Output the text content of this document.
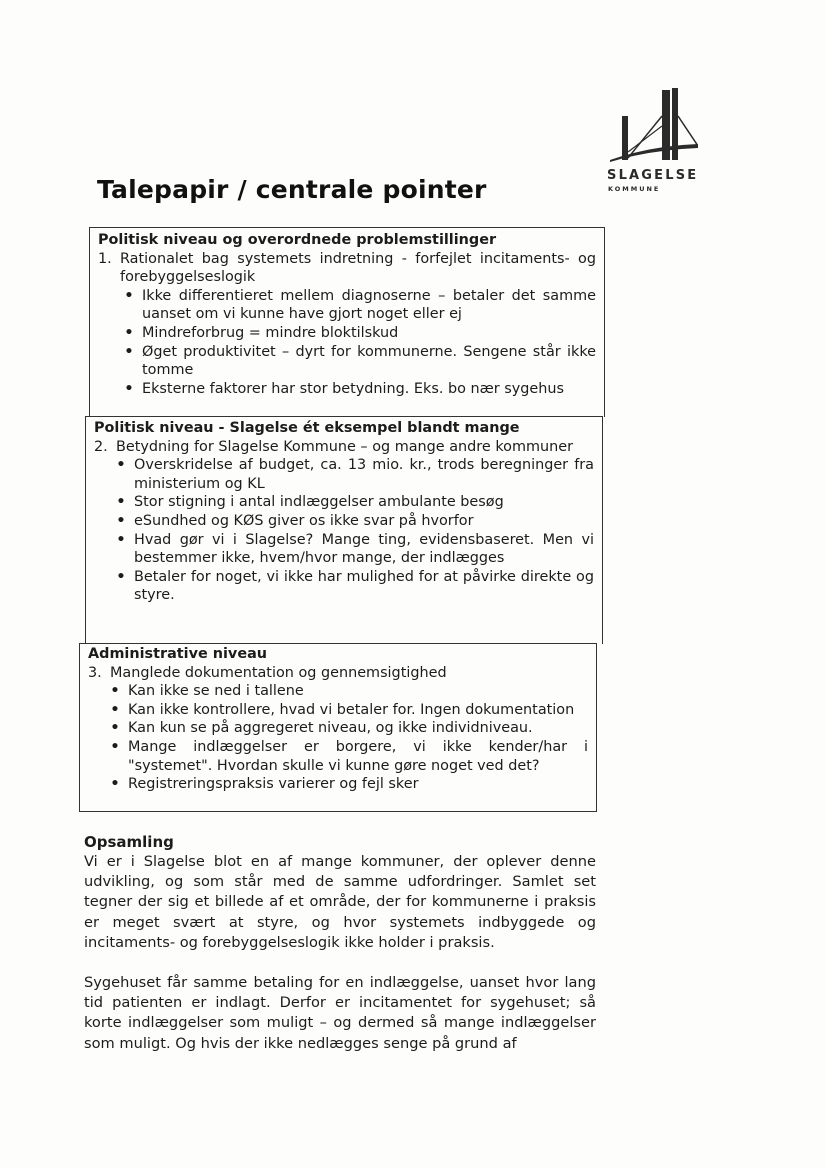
SLAGELSE
KOMMUNE
Talepapir / centrale pointer
Politisk niveau og overordnede problemstillinger
1. Rationalet bag systemets indretning - forfejlet incitaments- og forebyggelseslogik
• Ikke differentieret mellem diagnoserne – betaler det samme uanset om vi kunne have gjort noget eller ej
• Mindreforbrug = mindre bloktilskud
• Øget produktivitet – dyrt for kommunerne. Sengene står ikke tomme
• Eksterne faktorer har stor betydning. Eks. bo nær sygehus
Politisk niveau - Slagelse ét eksempel blandt mange
2. Betydning for Slagelse Kommune – og mange andre kommuner
• Overskridelse af budget, ca. 13 mio. kr., trods beregninger fra ministerium og KL
• Stor stigning i antal indlæggelser ambulante besøg
• eSundhed og KØS giver os ikke svar på hvorfor
• Hvad gør vi i Slagelse? Mange ting, evidensbaseret. Men vi bestemmer ikke, hvem/hvor mange, der indlægges
• Betaler for noget, vi ikke har mulighed for at påvirke direkte og styre.
Administrative niveau
3. Manglede dokumentation og gennemsigtighed
• Kan ikke se ned i tallene
• Kan ikke kontrollere, hvad vi betaler for. Ingen dokumentation
• Kan kun se på aggregeret niveau, og ikke individniveau.
• Mange indlæggelser er borgere, vi ikke kender/har i "systemet". Hvordan skulle vi kunne gøre noget ved det?
• Registreringspraksis varierer og fejl sker
Opsamling

Vi er i Slagelse blot en af mange kommuner, der oplever denne udvikling, og som står med de samme udfordringer. Samlet set tegner der sig et billede af et område, der for kommunerne i praksis er meget svært at styre, og hvor systemets indbyggede og incitaments- og forebyggelseslogik ikke holder i praksis.

Sygehuset får samme betaling for en indlæggelse, uanset hvor lang tid patienten er indlagt. Derfor er incitamentet for sygehuset; så korte indlæggelser som muligt – og dermed så mange indlæggelser som muligt. Og hvis der ikke nedlægges senge på grund af
